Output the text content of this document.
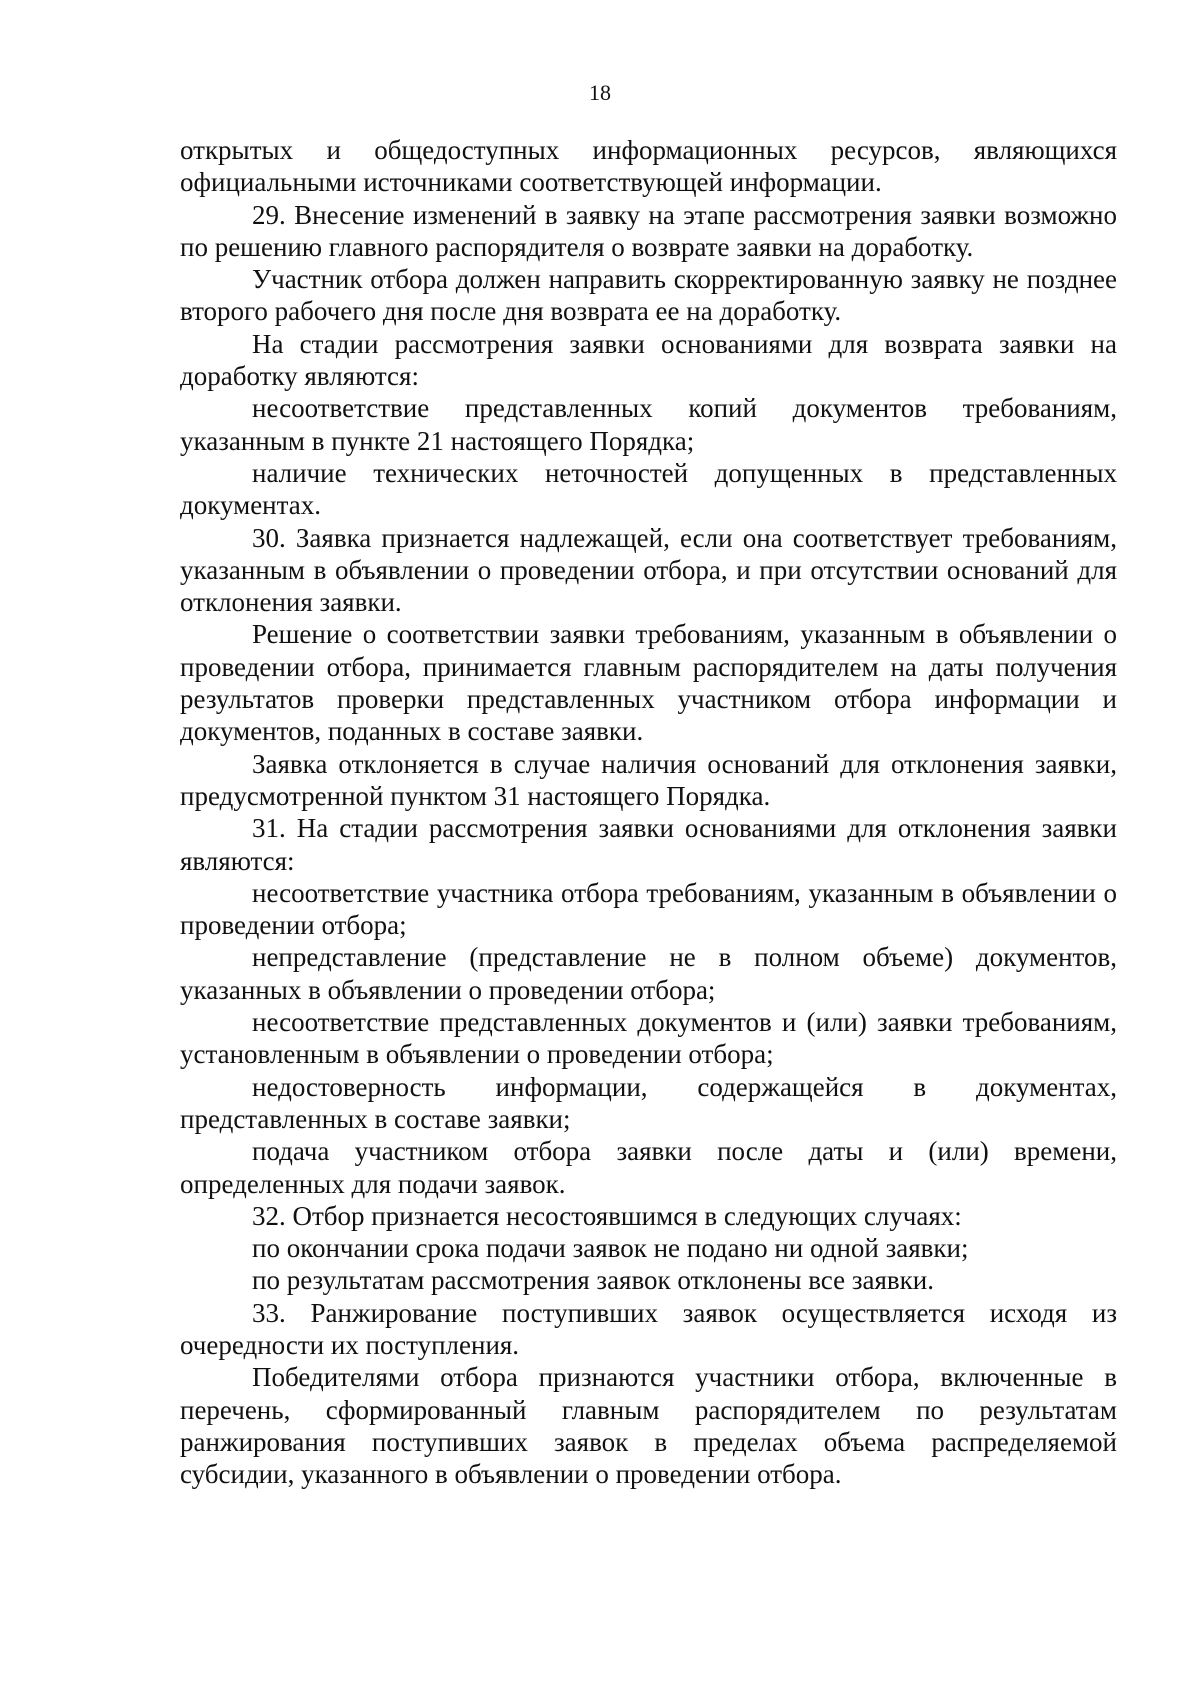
18

открытых и общедоступных информационных ресурсов, являющихся официальными источниками соответствующей информации.

29. Внесение изменений в заявку на этапе рассмотрения заявки возможно по решению главного распорядителя о возврате заявки на доработку.

Участник отбора должен направить скорректированную заявку не позднее второго рабочего дня после дня возврата ее на доработку.

На стадии рассмотрения заявки основаниями для возврата заявки на доработку являются:

несоответствие представленных копий документов требованиям, указанным в пункте 21 настоящего Порядка;

наличие технических неточностей допущенных в представленных документах.

30. Заявка признается надлежащей, если она соответствует требованиям, указанным в объявлении о проведении отбора, и при отсутствии оснований для отклонения заявки.

Решение о соответствии заявки требованиям, указанным в объявлении о проведении отбора, принимается главным распорядителем на даты получения результатов проверки представленных участником отбора информации и документов, поданных в составе заявки.

Заявка отклоняется в случае наличия оснований для отклонения заявки, предусмотренной пунктом 31 настоящего Порядка.

31. На стадии рассмотрения заявки основаниями для отклонения заявки являются:

несоответствие участника отбора требованиям, указанным в объявлении о проведении отбора;

непредставление (представление не в полном объеме) документов, указанных в объявлении о проведении отбора;

несоответствие представленных документов и (или) заявки требованиям, установленным в объявлении о проведении отбора;

недостоверность информации, содержащейся в документах, представленных в составе заявки;

подача участником отбора заявки после даты и (или) времени, определенных для подачи заявок.

32. Отбор признается несостоявшимся в следующих случаях:

по окончании срока подачи заявок не подано ни одной заявки;

по результатам рассмотрения заявок отклонены все заявки.

33. Ранжирование поступивших заявок осуществляется исходя из очередности их поступления.

Победителями отбора признаются участники отбора, включенные в перечень, сформированный главным распорядителем по результатам ранжирования поступивших заявок в пределах объема распределяемой субсидии, указанного в объявлении о проведении отбора.
